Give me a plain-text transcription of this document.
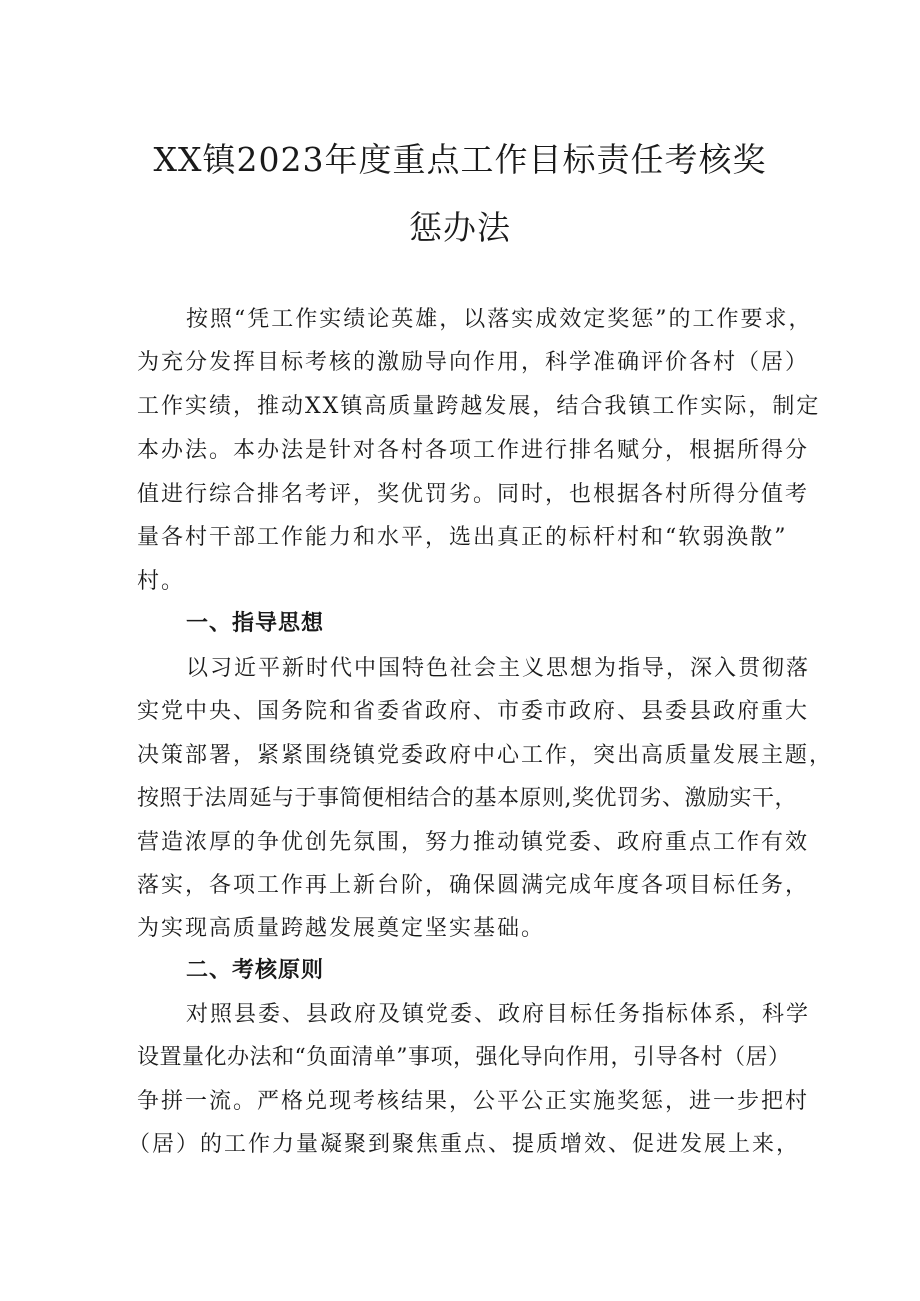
XX镇2023年度重点工作目标责任考核奖
惩办法
按照“凭工作实绩论英雄，以落实成效定奖惩”的工作要求，
为充分发挥目标考核的激励导向作用，科学准确评价各村（居）
工作实绩，推动XX镇高质量跨越发展，结合我镇工作实际，制定
本办法。本办法是针对各村各项工作进行排名赋分，根据所得分
值进行综合排名考评，奖优罚劣。同时，也根据各村所得分值考
量各村干部工作能力和水平，选出真正的标杆村和“软弱涣散”
村。
一、指导思想
以习近平新时代中国特色社会主义思想为指导，深入贯彻落
实党中央、国务院和省委省政府、市委市政府、县委县政府重大
决策部署，紧紧围绕镇党委政府中心工作，突出高质量发展主题，
按照于法周延与于事简便相结合的基本原则,奖优罚劣、激励实干，
营造浓厚的争优创先氛围，努力推动镇党委、政府重点工作有效
落实，各项工作再上新台阶，确保圆满完成年度各项目标任务，
为实现高质量跨越发展奠定坚实基础。
二、考核原则
对照县委、县政府及镇党委、政府目标任务指标体系，科学
设置量化办法和“负面清单”事项，强化导向作用，引导各村（居）
争拼一流。严格兑现考核结果，公平公正实施奖惩，进一步把村
（居）的工作力量凝聚到聚焦重点、提质增效、促进发展上来，
